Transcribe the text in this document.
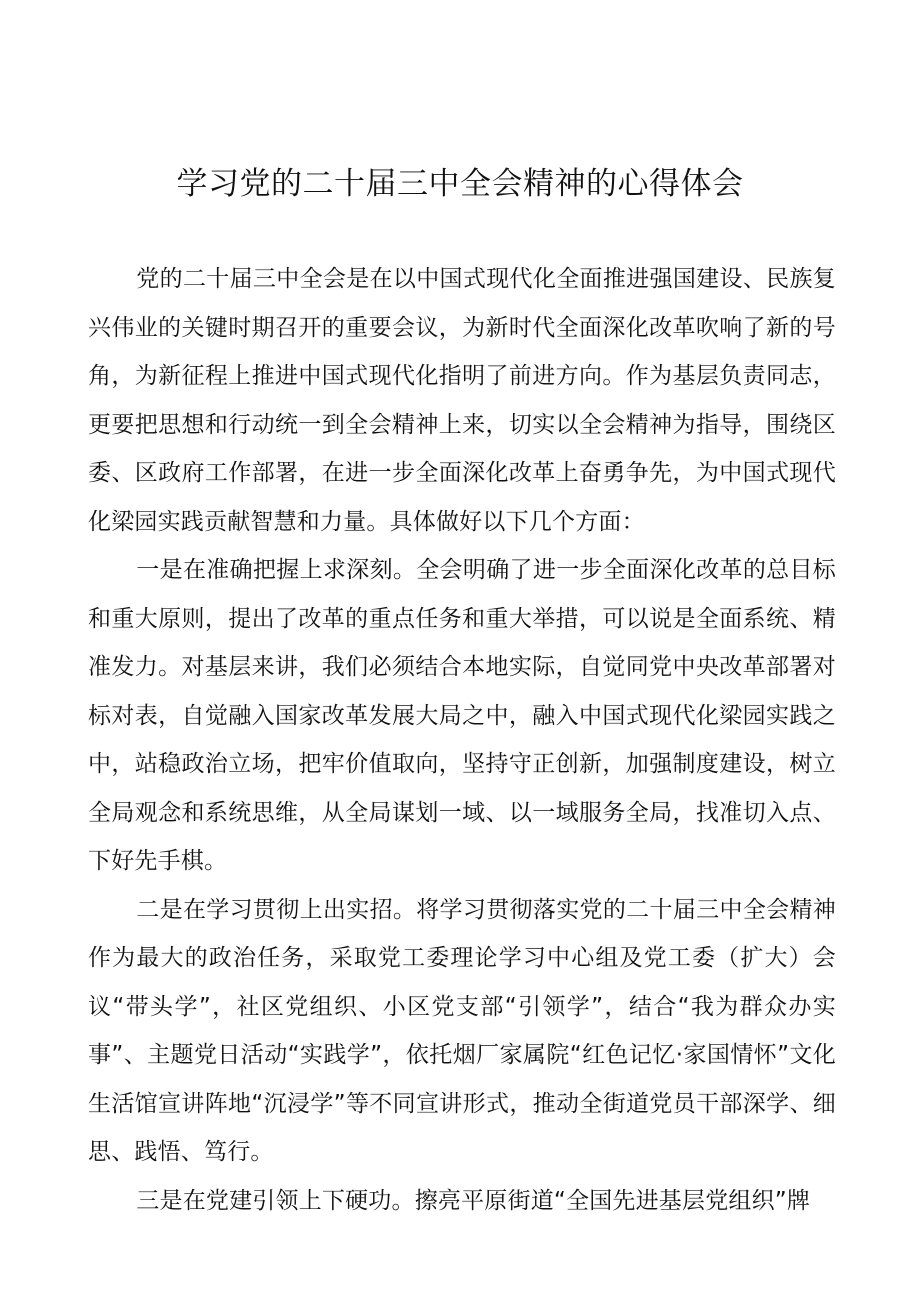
学习党的二十届三中全会精神的心得体会

党的二十届三中全会是在以中国式现代化全面推进强国建设、民族复兴伟业的关键时期召开的重要会议，为新时代全面深化改革吹响了新的号角，为新征程上推进中国式现代化指明了前进方向。作为基层负责同志，更要把思想和行动统一到全会精神上来，切实以全会精神为指导，围绕区委、区政府工作部署，在进一步全面深化改革上奋勇争先，为中国式现代化梁园实践贡献智慧和力量。具体做好以下几个方面：

一是在准确把握上求深刻。全会明确了进一步全面深化改革的总目标和重大原则，提出了改革的重点任务和重大举措，可以说是全面系统、精准发力。对基层来讲，我们必须结合本地实际，自觉同党中央改革部署对标对表，自觉融入国家改革发展大局之中，融入中国式现代化梁园实践之中，站稳政治立场，把牢价值取向，坚持守正创新，加强制度建设，树立全局观念和系统思维，从全局谋划一域、以一域服务全局，找准切入点、下好先手棋。

二是在学习贯彻上出实招。将学习贯彻落实党的二十届三中全会精神作为最大的政治任务，采取党工委理论学习中心组及党工委（扩大）会议“带头学”，社区党组织、小区党支部“引领学”，结合“我为群众办实事”、主题党日活动“实践学”，依托烟厂家属院“红色记忆·家国情怀”文化生活馆宣讲阵地“沉浸学”等不同宣讲形式，推动全街道党员干部深学、细思、践悟、笃行。

三是在党建引领上下硬功。擦亮平原街道“全国先进基层党组织”牌
